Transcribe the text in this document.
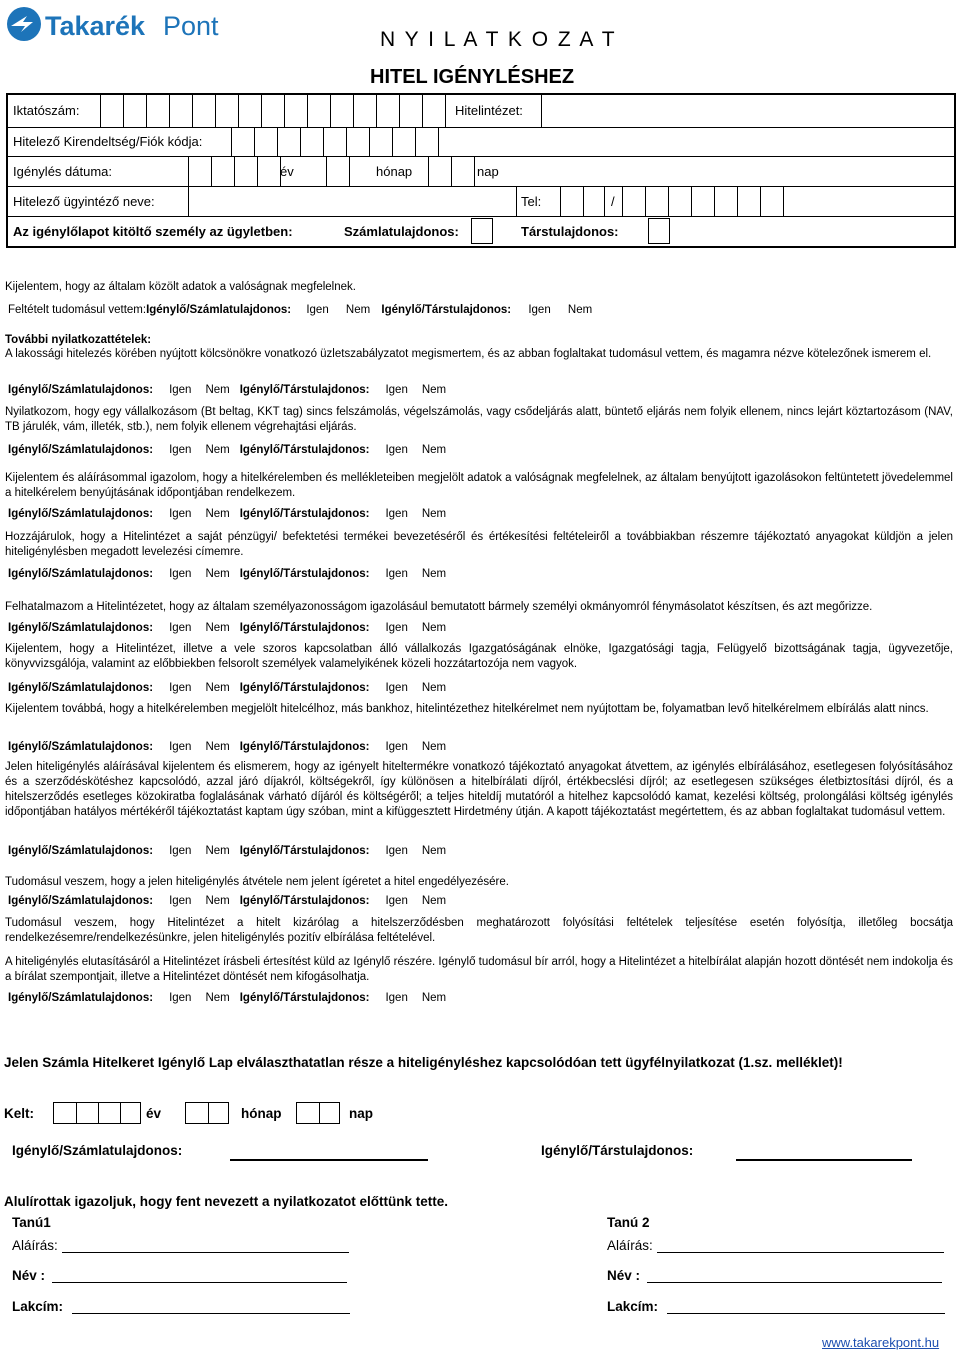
Takarék Pont	N Y I L A T K O Z A T
HITEL IGÉNYLÉSHEZ
Iktatószám:	Hitelintézet:
Hitelező Kirendeltség/Fiók kódja:
Igénylés dátuma:	év	hónap	nap
Hitelező ügyintéző neve:	Tel:	/
Az igénylőlapot kitöltő személy az ügyletben:	Számlatulajdonos:	Társtulajdonos:
Kijelentem, hogy az általam közölt adatok a valóságnak megfelelnek.
Feltételt tudomásul vettem:Igénylő/Számlatulajdonos: Igen Nem Igénylő/Társtulajdonos: Igen Nem
További nyilatkozattételek:
A lakossági hitelezés körében nyújtott kölcsönökre vonatkozó üzletszabályzatot megismertem, és az abban foglaltakat tudomásul vettem, és magamra nézve kötelezőnek ismerem el.
Igénylő/Számlatulajdonos: Igen Nem Igénylő/Társtulajdonos: Igen Nem
Igénylő/Számlatulajdonos: Igen Nem Igénylő/Társtulajdonos: Igen Nem
Igénylő/Számlatulajdonos: Igen Nem Igénylő/Társtulajdonos: Igen Nem
Igénylő/Számlatulajdonos: Igen Nem Igénylő/Társtulajdonos: Igen Nem
Igénylő/Számlatulajdonos: Igen Nem Igénylő/Társtulajdonos: Igen Nem
Igénylő/Számlatulajdonos: Igen Nem Igénylő/Társtulajdonos: Igen Nem
Igénylő/Számlatulajdonos: Igen Nem Igénylő/Társtulajdonos: Igen Nem
Igénylő/Számlatulajdonos: Igen Nem Igénylő/Társtulajdonos: Igen Nem
Igénylő/Számlatulajdonos: Igen Nem Igénylő/Társtulajdonos: Igen Nem
Igénylő/Számlatulajdonos: Igen Nem Igénylő/Társtulajdonos: Igen Nem
Nyilatkozom, hogy egy vállalkozásom (Bt beltag, KKT tag) sincs felszámolás, végelszámolás, vagy csődeljárás alatt, büntető eljárás nem folyik ellenem, nincs lejárt köztartozásom (NAV, TB járulék, vám, illeték, stb.), nem folyik ellenem végrehajtási eljárás.
Kijelentem és aláírásommal igazolom, hogy a hitelkérelemben és mellékleteiben megjelölt adatok a valóságnak megfelelnek, az általam benyújtott igazolásokon feltüntetett jövedelemmel a hitelkérelem benyújtásának időpontjában rendelkezem.
Hozzájárulok, hogy a Hitelintézet a saját pénzügyi/ befektetési termékei bevezetéséről és értékesítési feltételeiről a továbbiakban részemre tájékoztató anyagokat küldjön a jelen hiteligénylésben megadott levelezési címemre.
Felhatalmazom a Hitelintézetet, hogy az általam személyazonosságom igazolásául bemutatott bármely személyi okmányomról fénymásolatot készítsen, és azt megőrizze.
Kijelentem, hogy a Hitelintézet, illetve a vele szoros kapcsolatban álló vállalkozás Igazgatóságának elnöke, Igazgatósági tagja, Felügyelő bizottságának tagja, ügyvezetője, könyvvizsgálója, valamint az előbbiekben felsorolt személyek valamelyikének közeli hozzátartozója nem vagyok.
Kijelentem továbbá, hogy a hitelkérelemben megjelölt hitelcélhoz, más bankhoz, hitelintézethez hitelkérelmet nem nyújtottam be, folyamatban levő hitelkérelmem elbírálás alatt nincs.
Jelen hiteligénylés aláírásával kijelentem és elismerem, hogy az igényelt hiteltermékre vonatkozó tájékoztató anyagokat átvettem, az igénylés elbírálásához, esetlegesen folyósításához és a szerződéskötéshez kapcsolódó, azzal járó díjakról, költségekről, így különösen a hitelbírálati díjról, értékbecslési díjról; az esetlegesen szükséges életbiztosítási díjról, és a hitelszerződés esetleges közokiratba foglalásának várható díjáról és költségéről; a teljes hiteldíj mutatóról a hitelhez kapcsolódó kamat, kezelési költség, prolongálási költség igénylés időpontjában hatályos mértékéről tájékoztatást kaptam úgy szóban, mint a kifüggesztett Hirdetmény útján. A kapott tájékoztatást megértettem, és az abban foglaltakat tudomásul vettem.
Tudomásul veszem, hogy a jelen hiteligénylés átvétele nem jelent ígéretet a hitel engedélyezésére.
Tudomásul veszem, hogy Hitelintézet a hitelt kizárólag a hitelszerződésben meghatározott folyósítási feltételek teljesítése esetén folyósítja, illetőleg bocsátja rendelkezésemre/rendelkezésünkre, jelen hiteligénylés pozitív elbírálása feltételével.
A hiteligénylés elutasításáról a Hitelintézet írásbeli értesítést küld az Igénylő részére. Igénylő tudomásul bír arról, hogy a Hitelintézet a hitelbírálat alapján hozott döntését nem indokolja és a bírálat szempontjait, illetve a Hitelintézet döntését nem kifogásolhatja.
Jelen Számla Hitelkeret Igénylő Lap elválaszthatatlan része a hiteligényléshez kapcsolódóan tett ügyfélnyilatkozat (1.sz. melléklet)!
Kelt:	év	hónap	nap
Igénylő/Számlatulajdonos:	Igénylő/Társtulajdonos:
Alulírottak igazoljuk, hogy fent nevezett a nyilatkozatot előttünk tette.
Tanú1	Tanú 2
Aláírás:	Aláírás:
Név :	Név :
Lakcím:	Lakcím:
www.takarekpont.hu
